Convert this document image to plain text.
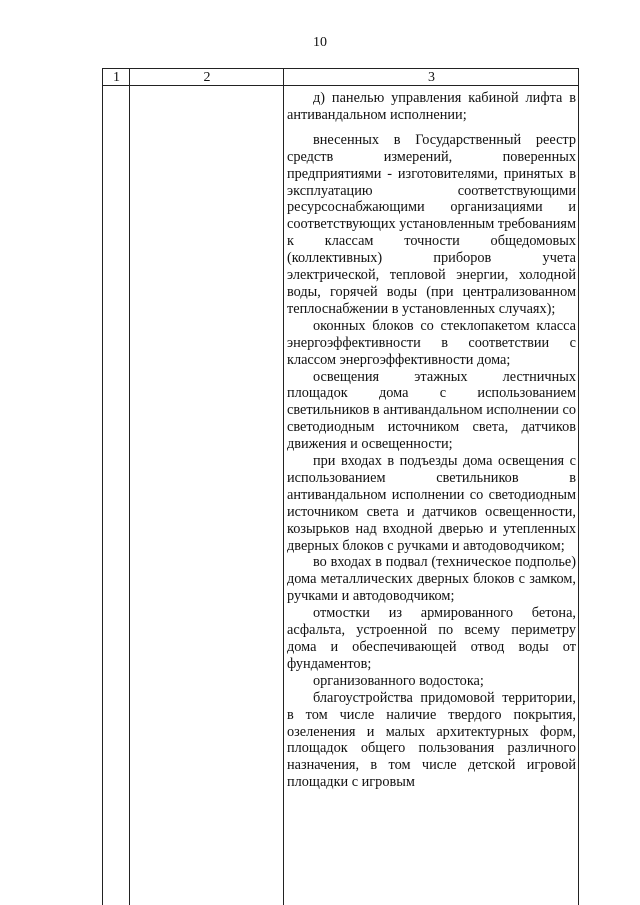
10
1	2	3

д) панелью управления кабиной лифта в антивандальном исполнении;

внесенных в Государственный реестр средств измерений, поверенных предприятиями - изготовителями, принятых в эксплуатацию соответствующими ресурсоснабжающими организациями и соответствующих установленным требованиям к классам точности общедомовых (коллективных) приборов учета электрической, тепловой энергии, холодной воды, горячей воды (при централизованном теплоснабжении в установленных случаях);

оконных блоков со стеклопакетом класса энергоэффективности в соответствии с классом энергоэффективности дома;

освещения этажных лестничных площадок дома с использованием светильников в антивандальном исполнении со светодиодным источником света, датчиков движения и освещенности;

при входах в подъезды дома освещения с использованием светильников в антивандальном исполнении со светодиодным источником света и датчиков освещенности, козырьков над входной дверью и утепленных дверных блоков с ручками и автодоводчиком;

во входах в подвал (техническое подполье) дома металлических дверных блоков с замком, ручками и автодоводчиком;

отмостки из армированного бетона, асфальта, устроенной по всему периметру дома и обеспечивающей отвод воды от фундаментов;

организованного водостока;

благоустройства придомовой территории, в том числе наличие твердого покрытия, озеленения и малых архитектурных форм, площадок общего пользования различного назначения, в том числе детской игровой площадки с игровым
